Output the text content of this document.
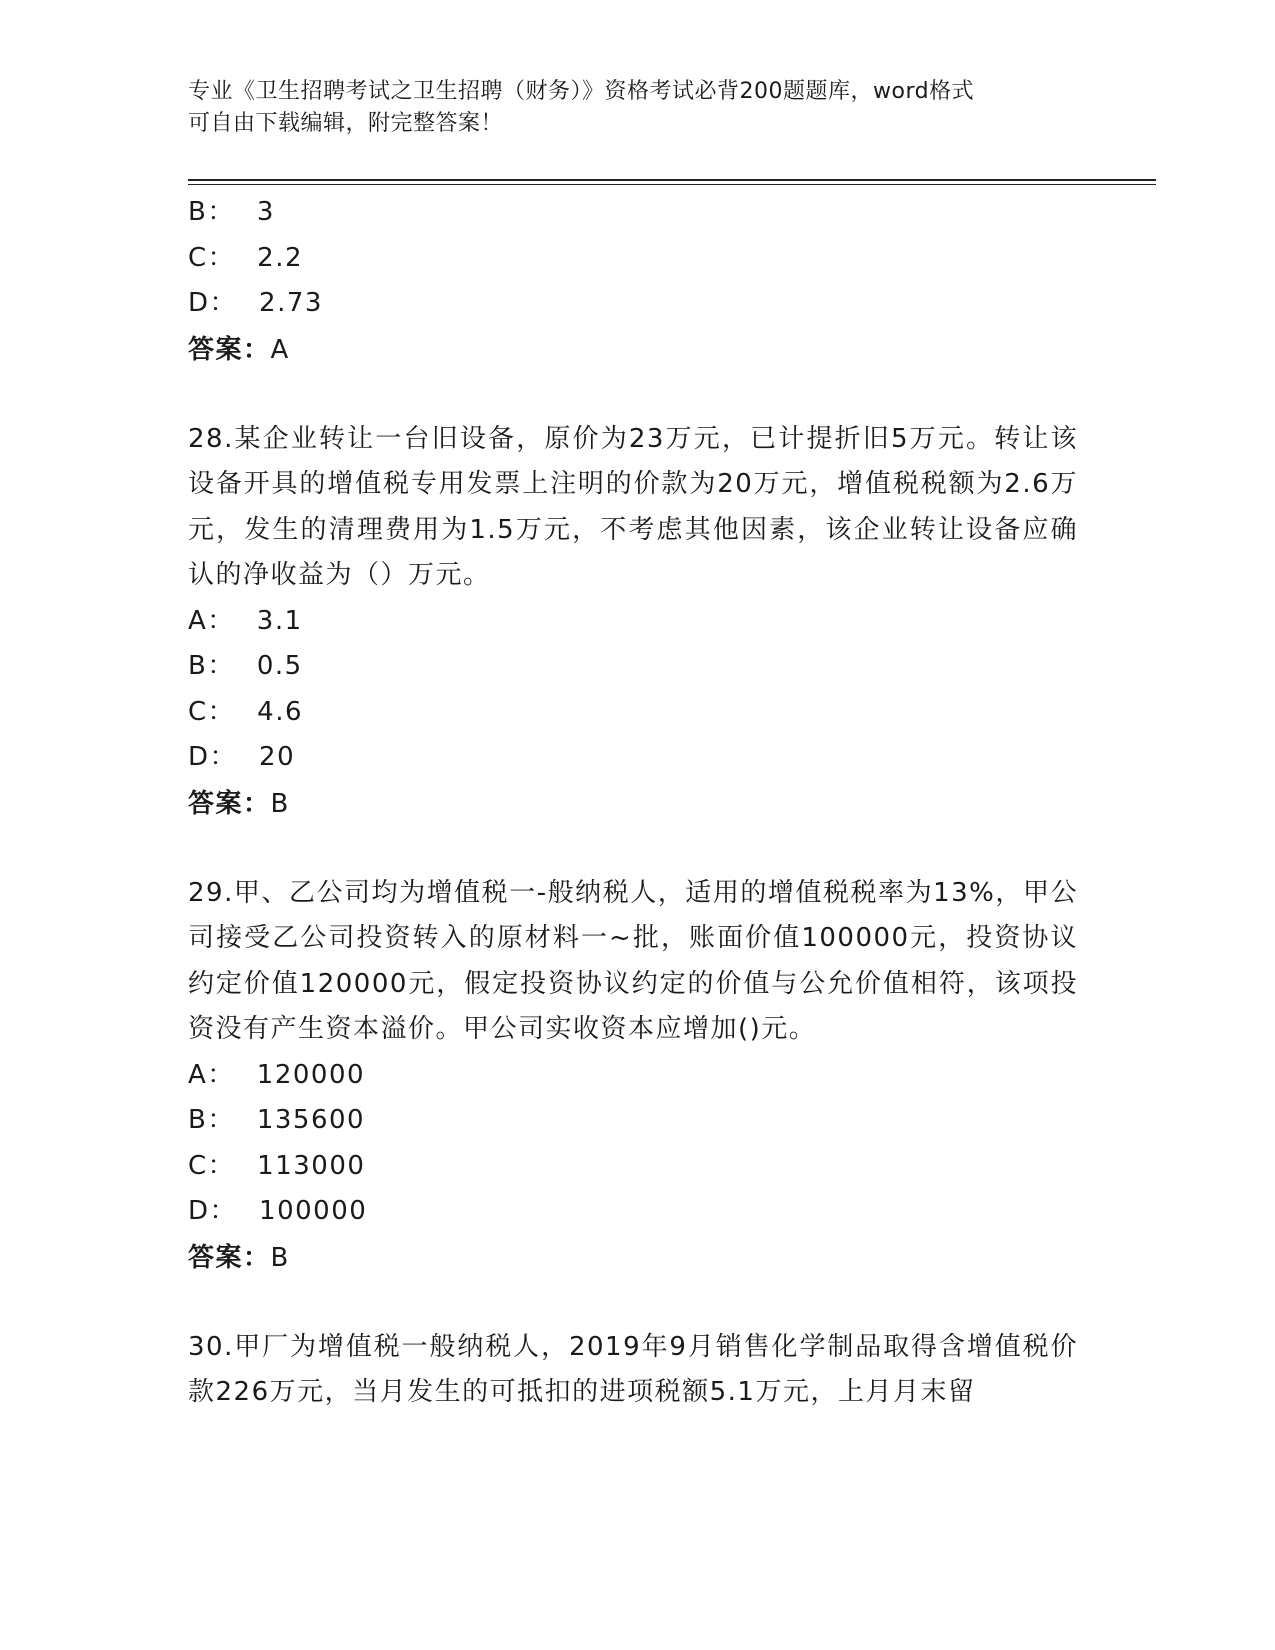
专业《卫生招聘考试之卫生招聘（财务）》资格考试必背200题题库，word格式
可自由下载编辑，附完整答案！
B： 3
C： 2.2
D： 2.73
答案：A
28.某企业转让一台旧设备，原价为23万元，已计提折旧5万元。转让该设备开具的增值税专用发票上注明的价款为20万元，增值税税额为2.6万元，发生的清理费用为1.5万元，不考虑其他因素，该企业转让设备应确认的净收益为（）万元。
A： 3.1
B： 0.5
C： 4.6
D： 20
答案：B
29.甲、乙公司均为增值税一-般纳税人，适用的增值税税率为13%，甲公司接受乙公司投资转入的原材料一~批，账面价值100000元，投资协议约定价值120000元，假定投资协议约定的价值与公允价值相符，该项投资没有产生资本溢价。甲公司实收资本应增加()元。
A： 120000
B： 135600
C： 113000
D： 100000
答案：B
30.甲厂为增值税一般纳税人，2019年9月销售化学制品取得含增值税价款226万元，当月发生的可抵扣的进项税额5.1万元，上月月末留
